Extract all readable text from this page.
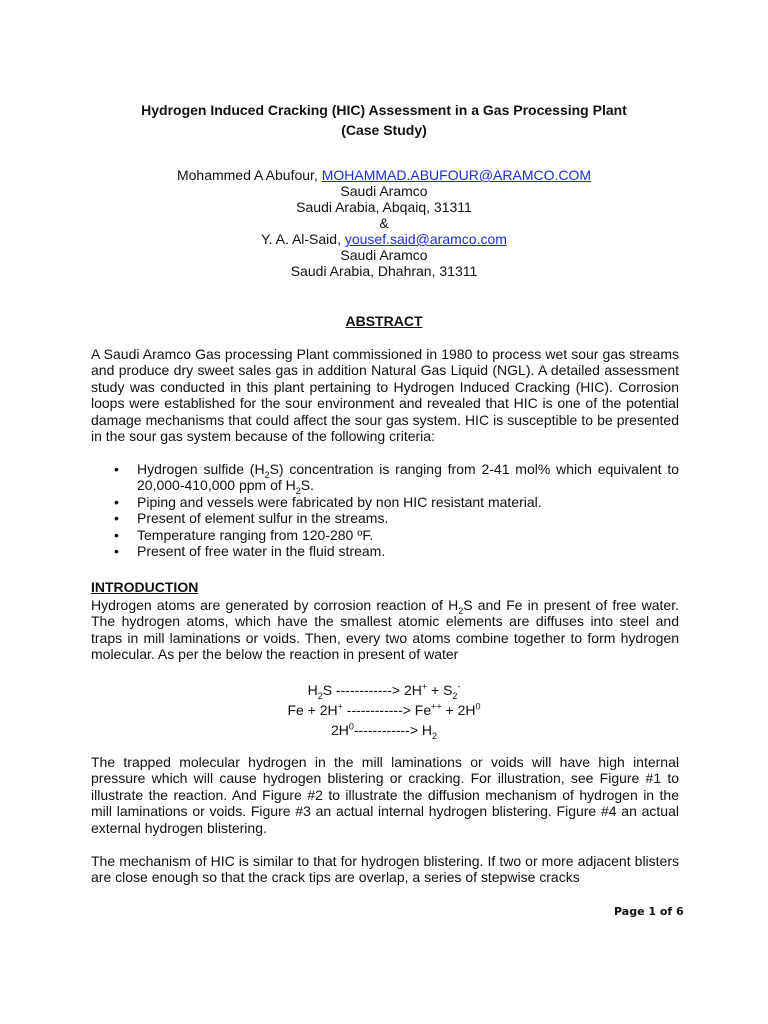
Hydrogen Induced Cracking (HIC) Assessment in a Gas Processing Plant
(Case Study)
Mohammed A Abufour, MOHAMMAD.ABUFOUR@ARAMCO.COM
Saudi Aramco
Saudi Arabia, Abqaiq, 31311
&
Y. A. Al-Said, yousef.said@aramco.com
Saudi Aramco
Saudi Arabia, Dhahran, 31311
ABSTRACT
A Saudi Aramco Gas processing Plant commissioned in 1980 to process wet sour gas streams and produce dry sweet sales gas in addition Natural Gas Liquid (NGL). A detailed assessment study was conducted in this plant pertaining to Hydrogen Induced Cracking (HIC). Corrosion loops were established for the sour environment and revealed that HIC is one of the potential damage mechanisms that could affect the sour gas system. HIC is susceptible to be presented in the sour gas system because of the following criteria:
• Hydrogen sulfide $(H_2S)$ concentration is ranging from 2-41 mol% which equivalent to 20,000-410,000 ppm of $H_2S$.
• Piping and vessels were fabricated by non HIC resistant material.
• Present of element sulfur in the streams.
• Temperature ranging from 120-280 ºF.
• Present of free water in the fluid stream.
INTRODUCTION
Hydrogen atoms are generated by corrosion reaction of $H_2S$ and Fe in present of free water. The hydrogen atoms, which have the smallest atomic elements are diffuses into steel and traps in mill laminations or voids. Then, every two atoms combine together to form hydrogen molecular. As per the below the reaction in present of water
$H_2S$ ------------> $2H^+ + S_2^-$
Fe + 2H+ ------------> $Fe^{++} + 2H^0$
$2H^0------------> H_2$
The trapped molecular hydrogen in the mill laminations or voids will have high internal pressure which will cause hydrogen blistering or cracking. For illustration, see Figure #1 to illustrate the reaction. And Figure #2 to illustrate the diffusion mechanism of hydrogen in the mill laminations or voids. Figure #3 an actual internal hydrogen blistering. Figure #4 an actual external hydrogen blistering.
The mechanism of HIC is similar to that for hydrogen blistering. If two or more adjacent blisters are close enough so that the crack tips are overlap, a series of stepwise cracks
Page 1 of 6
